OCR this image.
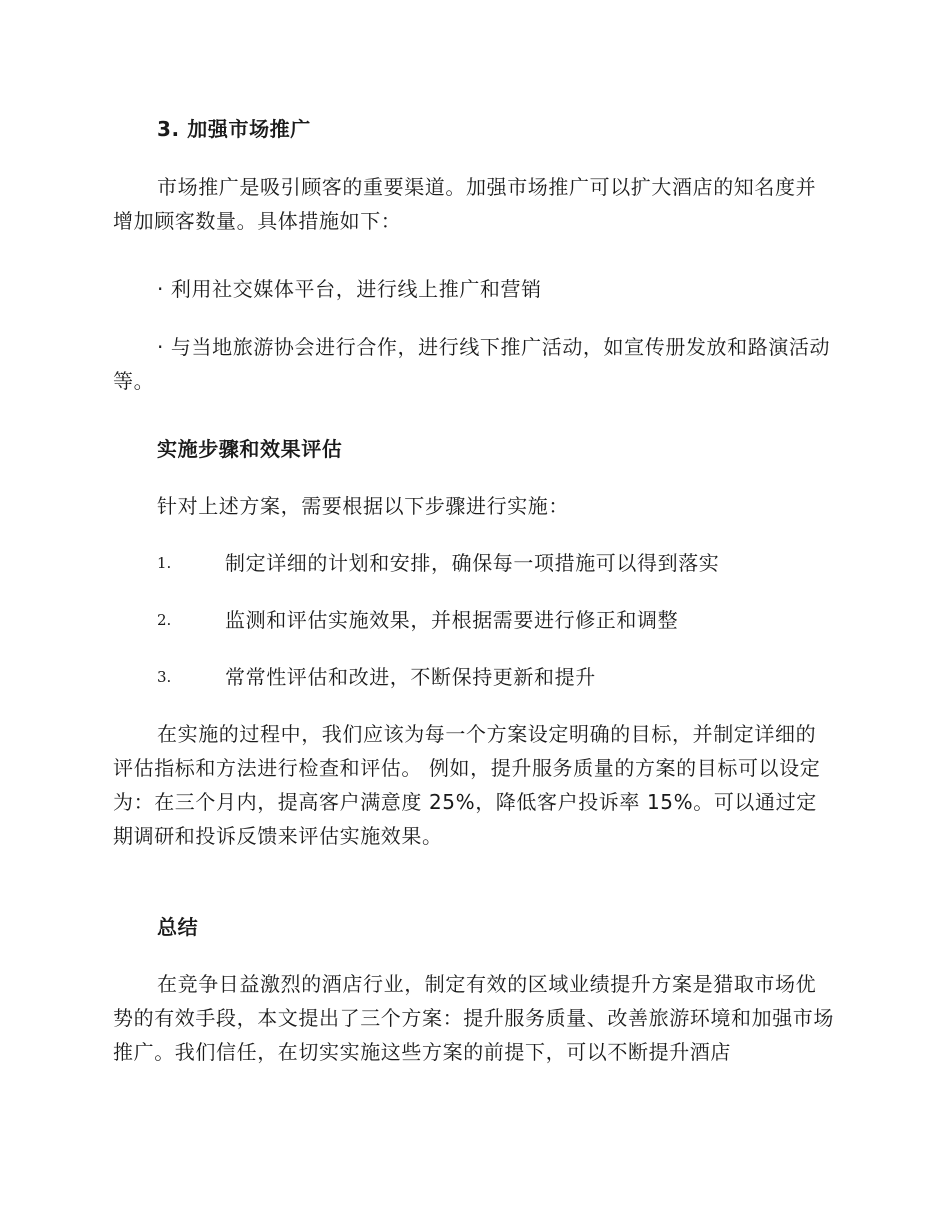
3. 加强市场推广

市场推广是吸引顾客的重要渠道。加强市场推广可以扩大酒店的知名度并增加顾客数量。具体措施如下：

· 利用社交媒体平台，进行线上推广和营销

· 与当地旅游协会进行合作，进行线下推广活动，如宣传册发放和路演活动等。

实施步骤和效果评估

针对上述方案，需要根据以下步骤进行实施：

1.	制定详细的计划和安排，确保每一项措施可以得到落实
2.	监测和评估实施效果，并根据需要进行修正和调整
3.	常常性评估和改进，不断保持更新和提升

在实施的过程中，我们应该为每一个方案设定明确的目标，并制定详细的评估指标和方法进行检查和评估。 例如，提升服务质量的方案的目标可以设定为：在三个月内，提高客户满意度 25%，降低客户投诉率 15%。可以通过定期调研和投诉反馈来评估实施效果。

总结

在竞争日益激烈的酒店行业，制定有效的区域业绩提升方案是猎取市场优势的有效手段，本文提出了三个方案：提升服务质量、改善旅游环境和加强市场推广。我们信任，在切实实施这些方案的前提下，可以不断提升酒店
